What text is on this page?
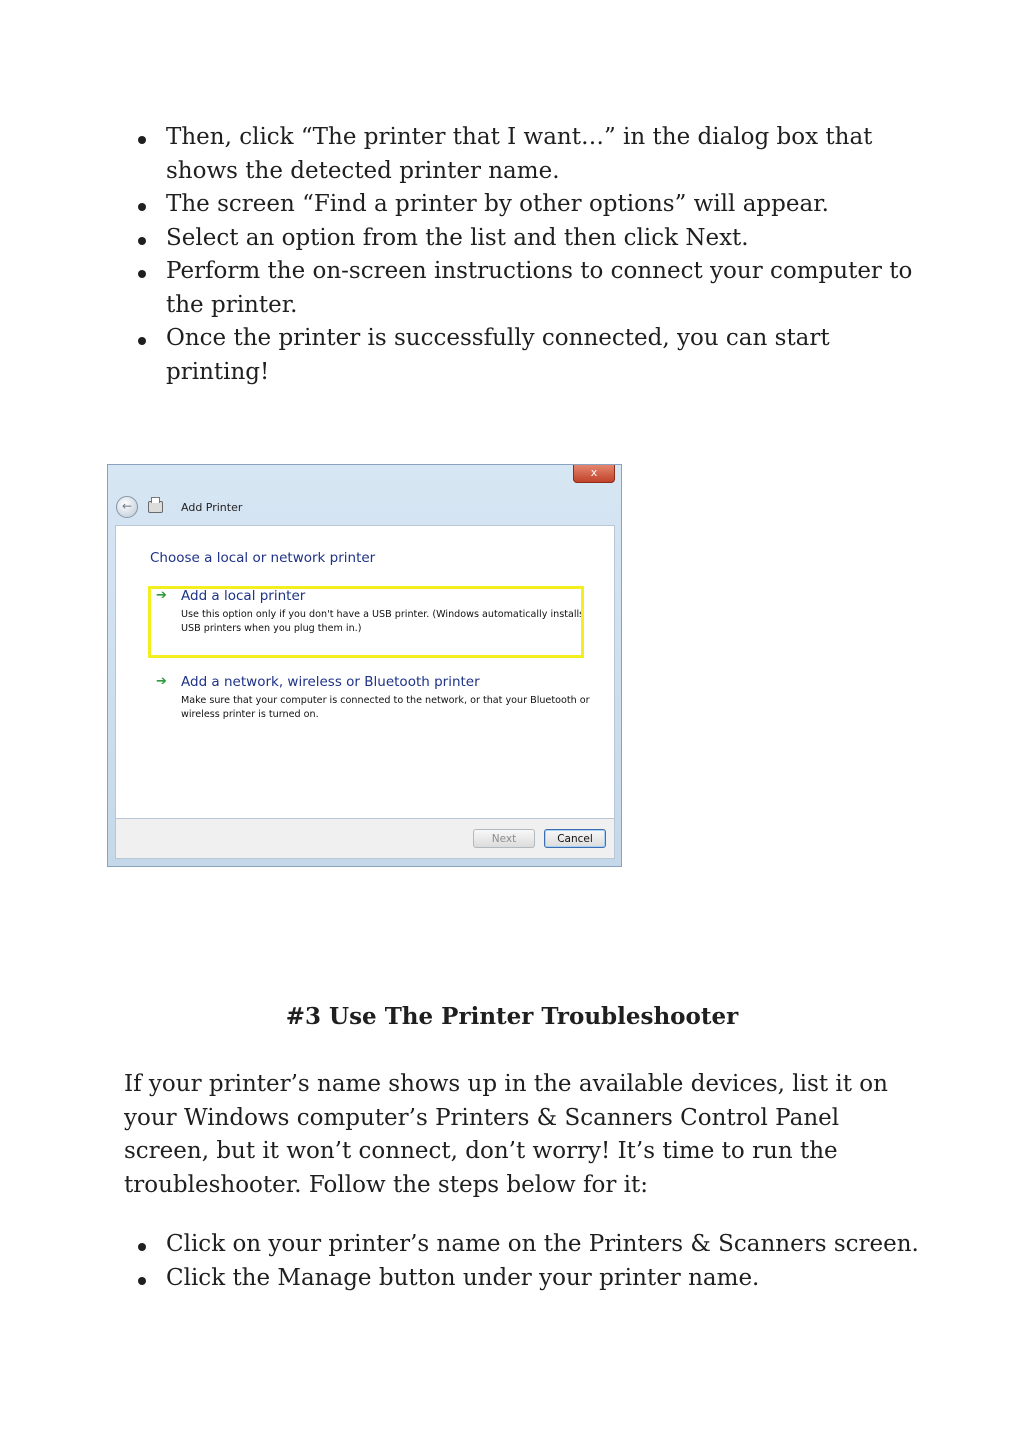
Then, click “The printer that I want…” in the dialog box that shows the detected printer name.
The screen “Find a printer by other options” will appear.
Select an option from the list and then click Next.
Perform the on-screen instructions to connect your computer to the printer.
Once the printer is successfully connected, you can start printing!

x
←	Add Printer
Choose a local or network printer
➔ Add a local printer
Use this option only if you don't have a USB printer. (Windows automatically installs USB printers when you plug them in.)
➔ Add a network, wireless or Bluetooth printer
Make sure that your computer is connected to the network, or that your Bluetooth or wireless printer is turned on.
Next	Cancel
#3 Use The Printer Troubleshooter

If your printer’s name shows up in the available devices, list it on your Windows computer’s Printers & Scanners Control Panel screen, but it won’t connect, don’t worry! It’s time to run the troubleshooter. Follow the steps below for it:

Click on your printer’s name on the Printers & Scanners screen.
Click the Manage button under your printer name.
